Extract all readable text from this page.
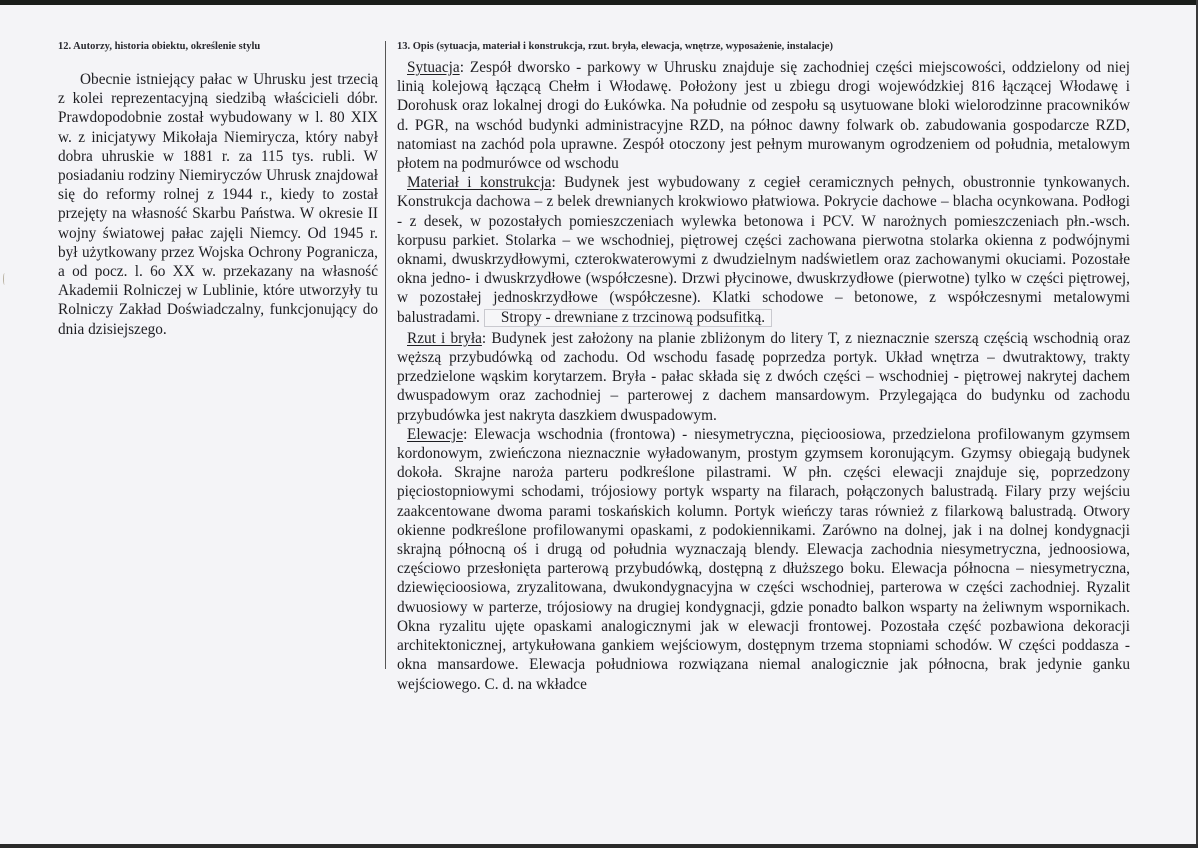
12. Autorzy, historia obiektu, określenie stylu

Obecnie istniejący pałac w Uhrusku jest trzecią z kolei reprezentacyjną siedzibą właścicieli dóbr. Prawdopodobnie został wybudowany w l. 80 XIX w. z inicjatywy Mikołaja Niemirycza, który nabył dobra uhruskie w 1881 r. za 115 tys. rubli. W posiadaniu rodziny Niemiryczów Uhrusk znajdował się do reformy rolnej z 1944 r., kiedy to został przejęty na własność Skarbu Państwa. W okresie II wojny światowej pałac zajęli Niemcy. Od 1945 r. był użytkowany przez Wojska Ochrony Pogranicza, a od pocz. l. 6o XX w. przekazany na własność Akademii Rolniczej w Lublinie, które utworzyły tu Rolniczy Zakład Doświadczalny, funkcjonujący do dnia dzisiejszego.

13. Opis (sytuacja, materiał i konstrukcja, rzut. bryła, elewacja, wnętrze, wyposażenie, instalacje)

Sytuacja: Zespół dworsko - parkowy w Uhrusku znajduje się zachodniej części miejscowości, oddzielony od niej linią kolejową łączącą Chełm i Włodawę. Położony jest u zbiegu drogi wojewódzkiej 816 łączącej Włodawę i Dorohusk oraz lokalnej drogi do Łukówka. Na południe od zespołu są usytuowane bloki wielorodzinne pracowników d. PGR, na wschód budynki administracyjne RZD, na północ dawny folwark ob. zabudowania gospodarcze RZD, natomiast na zachód pola uprawne. Zespół otoczony jest pełnym murowanym ogrodzeniem od południa, metalowym płotem na podmurówce od wschodu

Materiał i konstrukcja: Budynek jest wybudowany z cegieł ceramicznych pełnych, obustronnie tynkowanych. Konstrukcja dachowa – z belek drewnianych krokwiowo płatwiowa. Pokrycie dachowe – blacha ocynkowana. Podłogi - z desek, w pozostałych pomieszczeniach wylewka betonowa i PCV. W narożnych pomieszczeniach płn.-wsch. korpusu parkiet. Stolarka – we wschodniej, piętrowej części zachowana pierwotna stolarka okienna z podwójnymi oknami, dwuskrzydłowymi, czterokwaterowymi z dwudzielnym nadświetlem oraz zachowanymi okuciami. Pozostałe okna jedno- i dwuskrzydłowe (współczesne). Drzwi płycinowe, dwuskrzydłowe (pierwotne) tylko w części piętrowej, w pozostałej jednoskrzydłowe (współczesne). Klatki schodowe – betonowe, z współczesnymi metalowymi balustradami. Stropy - drewniane z trzcinową podsufitką.

Rzut i bryła: Budynek jest założony na planie zbliżonym do litery T, z nieznacznie szerszą częścią wschodnią oraz węższą przybudówką od zachodu. Od wschodu fasadę poprzedza portyk. Układ wnętrza – dwutraktowy, trakty przedzielone wąskim korytarzem. Bryła - pałac składa się z dwóch części – wschodniej - piętrowej nakrytej dachem dwuspadowym oraz zachodniej – parterowej z dachem mansardowym. Przylegająca do budynku od zachodu przybudówka jest nakryta daszkiem dwuspadowym.

Elewacje: Elewacja wschodnia (frontowa) - niesymetryczna, pięcioosiowa, przedzielona profilowanym gzymsem kordonowym, zwieńczona nieznacznie wyładowanym, prostym gzymsem koronującym. Gzymsy obiegają budynek dokoła. Skrajne naroża parteru podkreślone pilastrami. W płn. części elewacji znajduje się, poprzedzony pięciostopniowymi schodami, trójosiowy portyk wsparty na filarach, połączonych balustradą. Filary przy wejściu zaakcentowane dwoma parami toskańskich kolumn. Portyk wieńczy taras również z filarkową balustradą. Otwory okienne podkreślone profilowanymi opaskami, z podokiennikami. Zarówno na dolnej, jak i na dolnej kondygnacji skrajną północną oś i drugą od południa wyznaczają blendy. Elewacja zachodnia niesymetryczna, jednoosiowa, częściowo przesłonięta parterową przybudówką, dostępną z dłuższego boku. Elewacja północna – niesymetryczna, dziewięcioosiowa, zryzalitowana, dwukondygnacyjna w części wschodniej, parterowa w części zachodniej. Ryzalit dwuosiowy w parterze, trójosiowy na drugiej kondygnacji, gdzie ponadto balkon wsparty na żeliwnym wspornikach. Okna ryzalitu ujęte opaskami analogicznymi jak w elewacji frontowej. Pozostała część pozbawiona dekoracji architektonicznej, artykułowana gankiem wejściowym, dostępnym trzema stopniami schodów. W części poddasza - okna mansardowe. Elewacja południowa rozwiązana niemal analogicznie jak północna, brak jedynie ganku wejściowego. C. d. na wkładce
